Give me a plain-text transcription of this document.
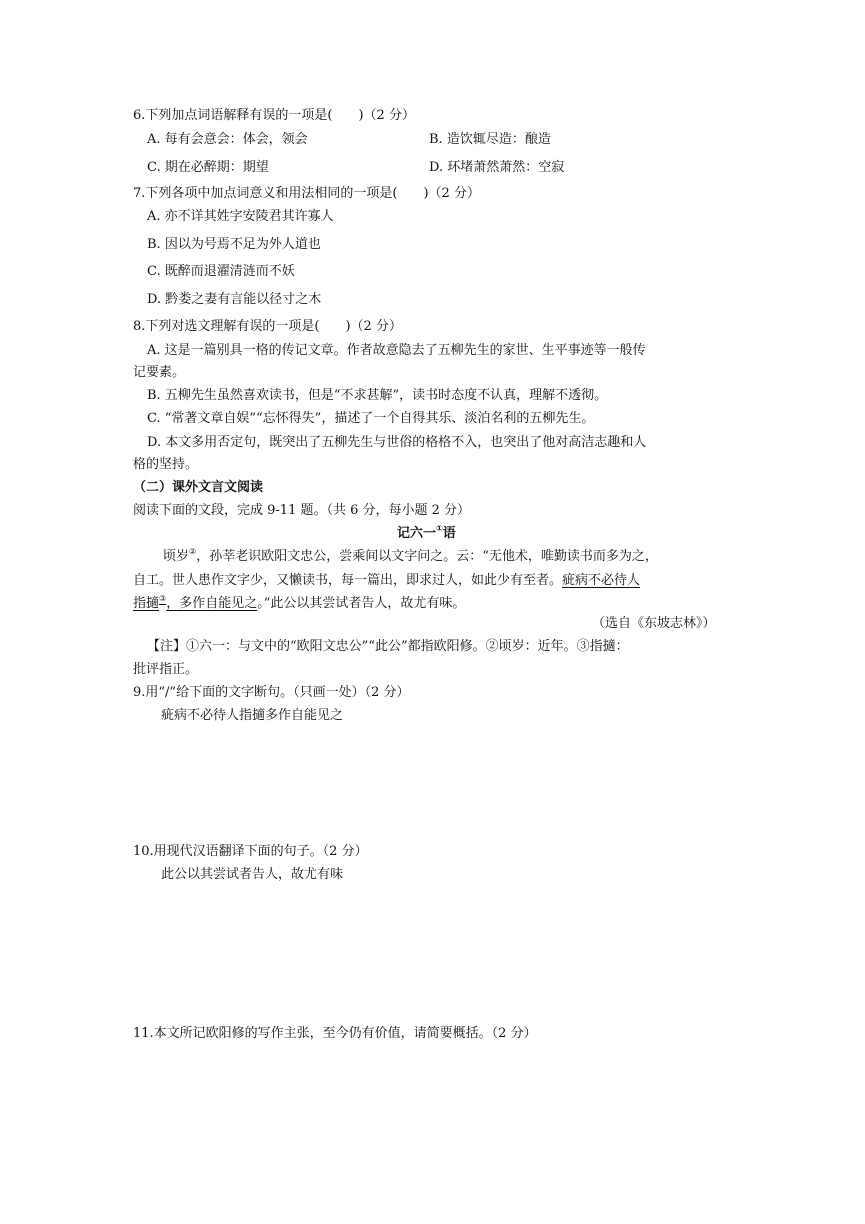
6.下列加点词语解释有误的一项是(　　)（2 分）
A. 每有会意会：体会，领会	B. 造饮辄尽造：酿造
C. 期在必醉期：期望	D. 环堵萧然萧然：空寂
7.下列各项中加点词意义和用法相同的一项是(　　)（2 分）
A. 亦不详其姓字安陵君其许寡人
B. 因以为号焉不足为外人道也
C. 既醉而退濯清涟而不妖
D. 黔娄之妻有言能以径寸之木
8.下列对选文理解有误的一项是(　　)（2 分）
A. 这是一篇别具一格的传记文章。作者故意隐去了五柳先生的家世、生平事迹等一般传
记要素。
B. 五柳先生虽然喜欢读书，但是“不求甚解”，读书时态度不认真，理解不透彻。
C. “常著文章自娱”“忘怀得失”，描述了一个自得其乐、淡泊名利的五柳先生。
D. 本文多用否定句，既突出了五柳先生与世俗的格格不入，也突出了他对高洁志趣和人
格的坚持。
（二）课外文言文阅读
阅读下面的文段，完成 9-11 题。（共 6 分，每小题 2 分）
记六一①语
顷岁②，孙莘老识欧阳文忠公，尝乘间以文字问之。云：“无他术，唯勤读书而多为之，
自工。世人患作文字少，又懒读书，每一篇出，即求过人，如此少有至者。疵病不必待人
指擿③，多作自能见之。”此公以其尝试者告人，故尤有味。
（选自《东坡志林》）
【注】①六一：与文中的“欧阳文忠公”“此公”都指欧阳修。②顷岁：近年。③指擿：
批评指正。
9.用“/”给下面的文字断句。（只画一处）（2 分）
疵病不必待人指擿多作自能见之
10.用现代汉语翻译下面的句子。（2 分）
此公以其尝试者告人，故尤有味
11.本文所记欧阳修的写作主张，至今仍有价值，请简要概括。（2 分）
